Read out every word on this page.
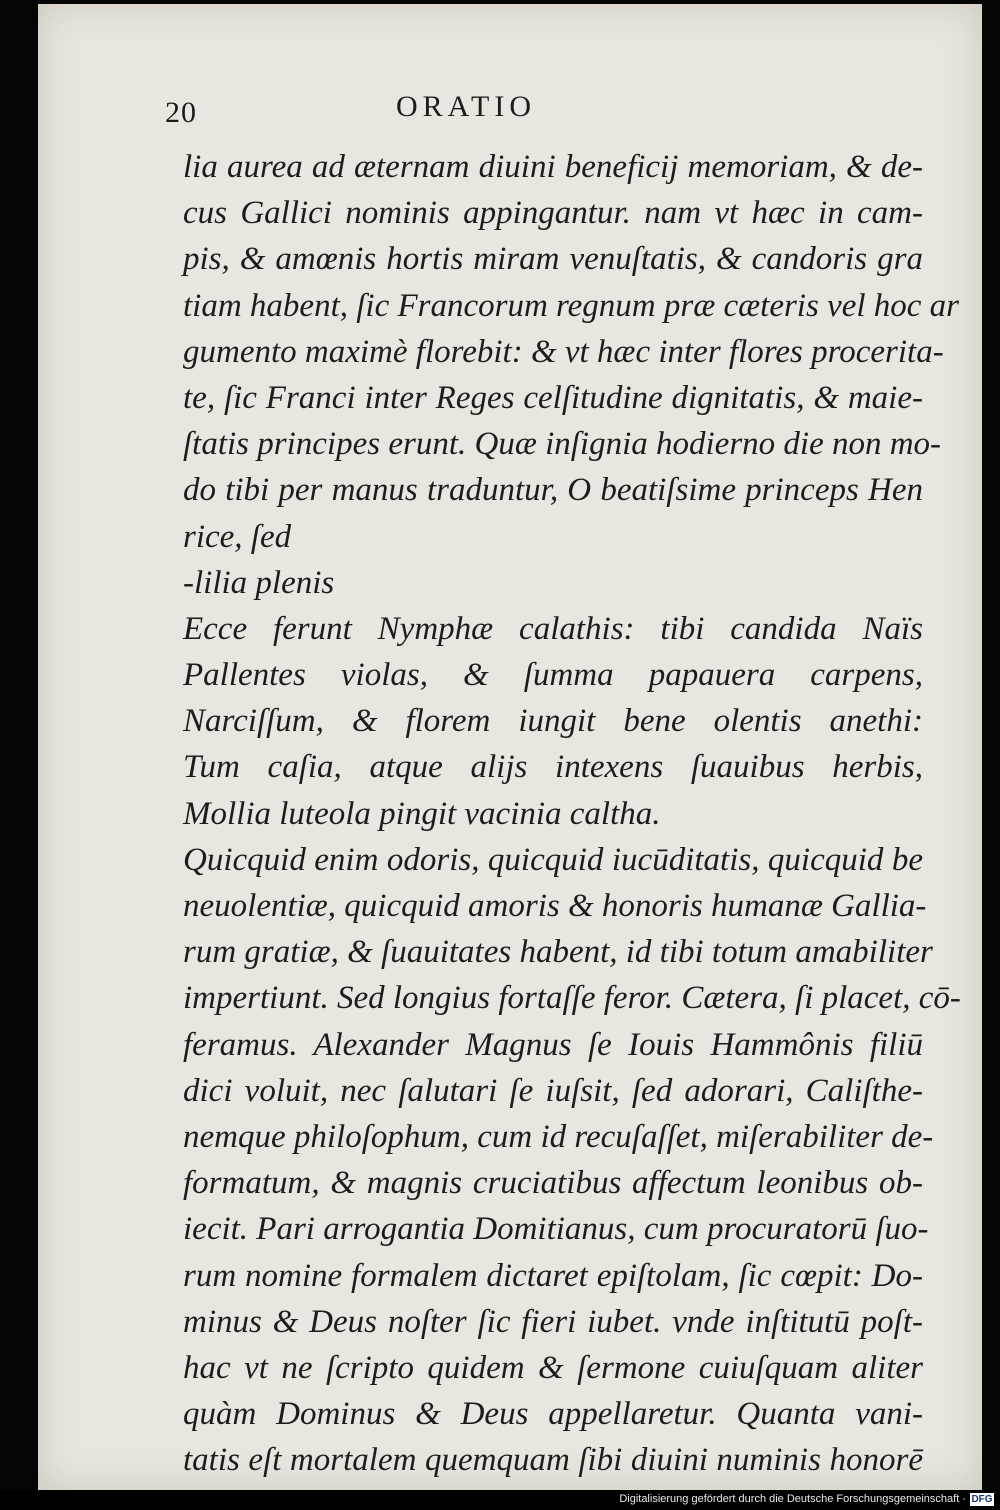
20	ORATIO
lia aurea ad æternam diuini beneficij memoriam, & de-
cus Gallici nominis appingantur. nam vt hæc in cam-
pis, & amœnis hortis miram venuſtatis, & candoris gra
tiam habent, ſic Francorum regnum præ cæteris vel hoc ar
gumento maximè florebit: & vt hæc inter flores procerita-
te, ſic Franci inter Reges celſitudine dignitatis, & maie-
ſtatis principes erunt. Quæ inſignia hodierno die non mo-
do tibi per manus traduntur, O beatiſsime princeps Hen
rice, ſed
-lilia plenis
Ecce ferunt Nymphæ calathis: tibi candida Naïs
Pallentes violas, & ſumma papauera carpens,
Narciſſum, & florem iungit bene olentis anethi:
Tum caſia, atque alijs intexens ſuauibus herbis,
Mollia luteola pingit vacinia caltha.
Quicquid enim odoris, quicquid iucūditatis, quicquid be
neuolentiæ, quicquid amoris & honoris humanæ Gallia-
rum gratiæ, & ſuauitates habent, id tibi totum amabiliter
impertiunt. Sed longius fortaſſe feror. Cætera, ſi placet, cō-
feramus. Alexander Magnus ſe Iouis Hammônis filiū
dici voluit, nec ſalutari ſe iuſsit, ſed adorari, Caliſthe-
nemque philoſophum, cum id recuſaſſet, miſerabiliter de-
formatum, & magnis cruciatibus affectum leonibus ob-
iecit. Pari arrogantia Domitianus, cum procuratorū ſuo-
rum nomine formalem dictaret epiſtolam, ſic cœpit: Do-
minus & Deus noſter ſic fieri iubet. vnde inſtitutū poſt-
hac vt ne ſcripto quidem & ſermone cuiuſquam aliter
quàm Dominus & Deus appellaretur. Quanta vani-
tatis eſt mortalem quemquam ſibi diuini numinis honorē
Digitalisierung gefördert durch die Deutsche Forschungsgemeinschaft · DFG
